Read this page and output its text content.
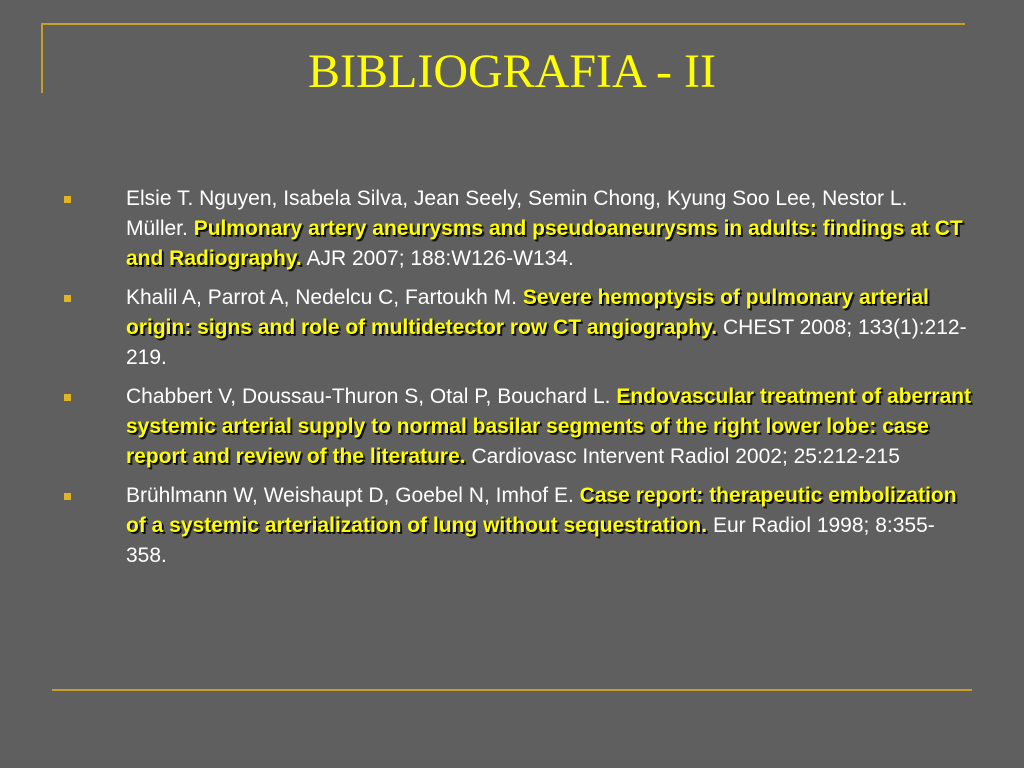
BIBLIOGRAFIA - II
Elsie T. Nguyen, Isabela Silva, Jean Seely, Semin Chong, Kyung Soo Lee, Nestor L. Müller. Pulmonary artery aneurysms and pseudoaneurysms in adults: findings at CT and Radiography. AJR 2007; 188:W126-W134.
Khalil A, Parrot A, Nedelcu C, Fartoukh M. Severe hemoptysis of pulmonary arterial origin: signs and role of multidetector row CT angiography. CHEST 2008; 133(1):212-219.
Chabbert V, Doussau-Thuron S, Otal P, Bouchard L. Endovascular treatment of aberrant systemic arterial supply to normal basilar segments of the right lower lobe: case report and review of the literature. Cardiovasc Intervent Radiol 2002; 25:212-215
Brühlmann W, Weishaupt D, Goebel N, Imhof E. Case report: therapeutic embolization of a systemic arterialization of lung without sequestration. Eur Radiol 1998; 8:355-358.
